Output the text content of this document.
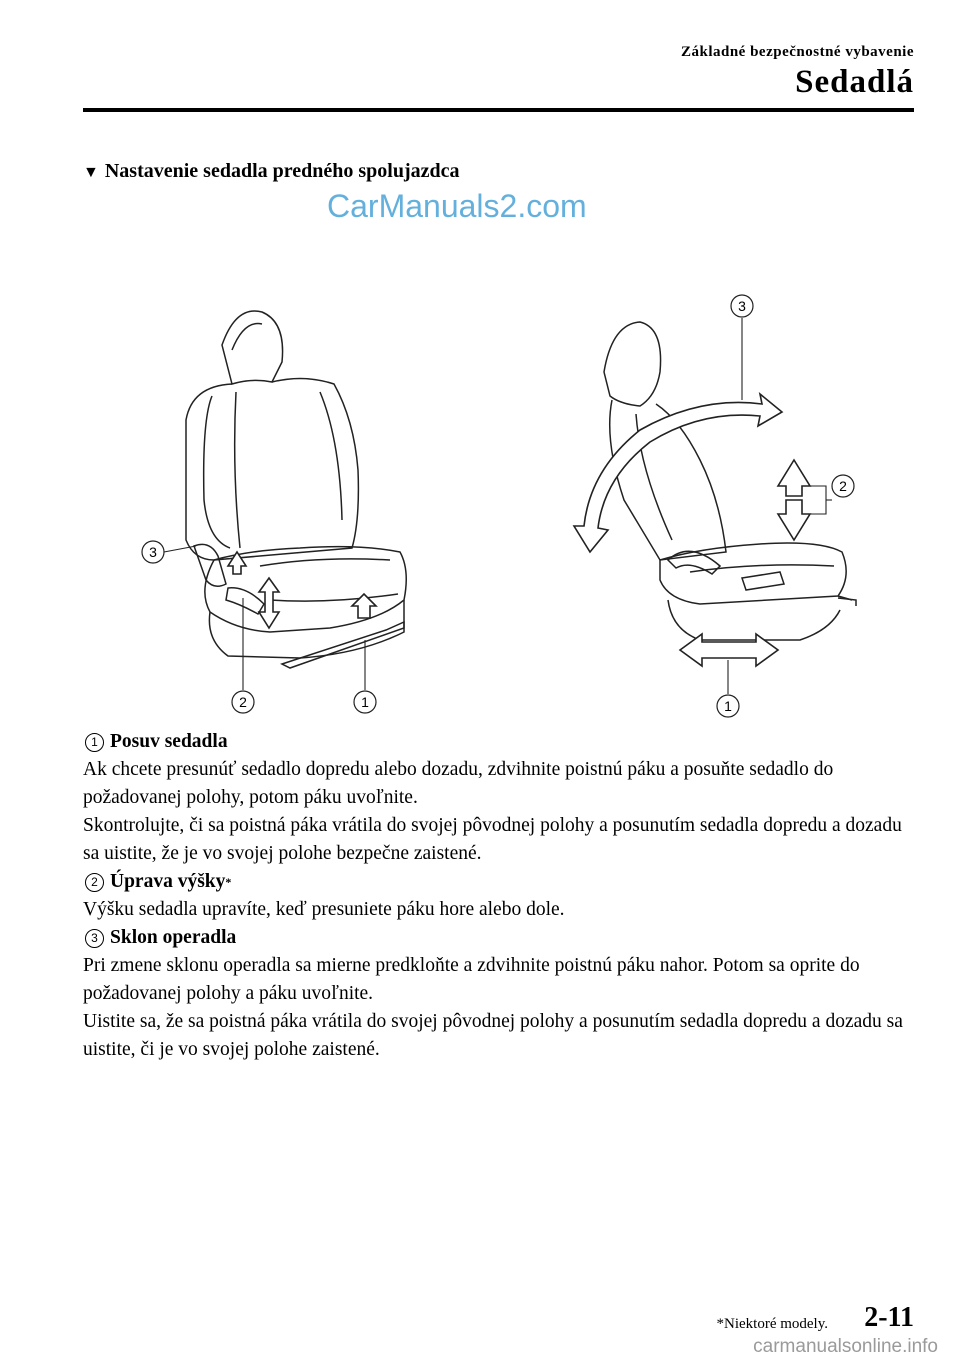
Základné bezpečnostné vybavenie
Sedadlá
▼ Nastavenie sedadla predného spolujazdca
CarManuals2.com
3
2	1
3
2
1
1 Posuv sedadla
Ak chcete presunúť sedadlo dopredu alebo dozadu, zdvihnite poistnú páku a posuňte sedadlo do požadovanej polohy, potom páku uvoľnite.
Skontrolujte, či sa poistná páka vrátila do svojej pôvodnej polohy a posunutím sedadla dopredu a dozadu sa uistite, že je vo svojej polohe bezpečne zaistené.
2 Úprava výšky *
Výšku sedadla upravíte, keď presuniete páku hore alebo dole.
3 Sklon operadla
Pri zmene sklonu operadla sa mierne predkloňte a zdvihnite poistnú páku nahor. Potom sa oprite do požadovanej polohy a páku uvoľnite.
Uistite sa, že sa poistná páka vrátila do svojej pôvodnej polohy a posunutím sedadla dopredu a dozadu sa uistite, či je vo svojej polohe zaistené.
*Niektoré modely. 2-11
carmanualsonline.info
